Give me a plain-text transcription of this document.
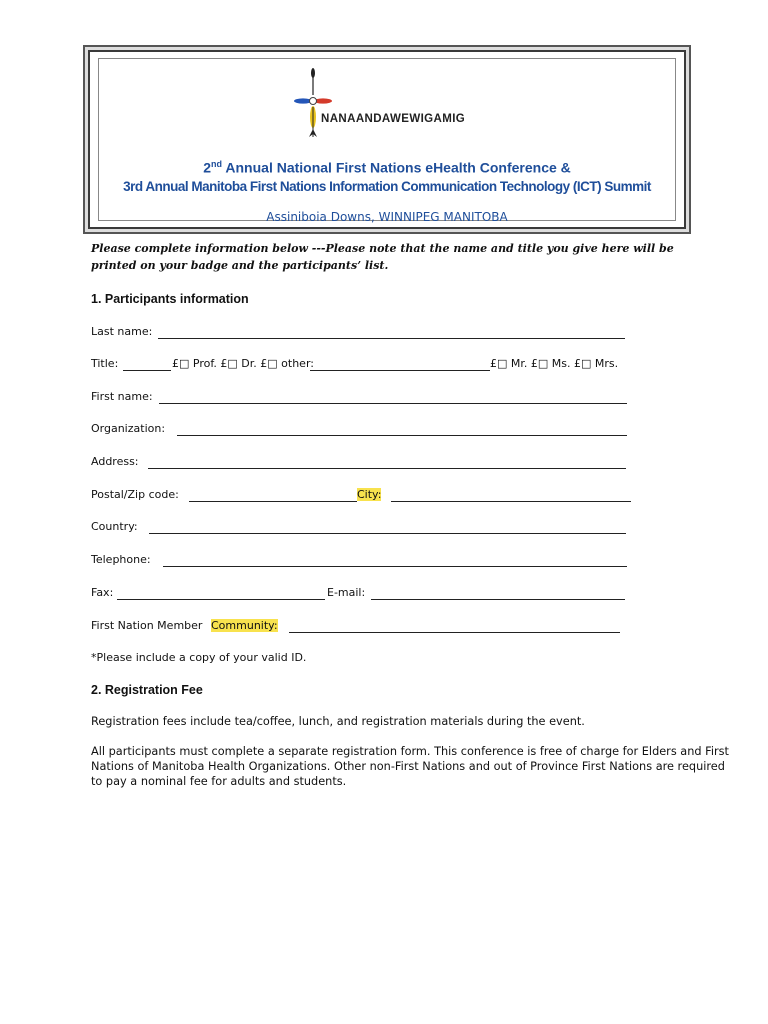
NANAANDAWEWIGAMIG
2nd Annual National First Nations eHealth Conference &
3rd Annual Manitoba First Nations Information Communication Technology (ICT) Summit
Assiniboia Downs, WINNIPEG MANITOBA
Please complete information below ---Please note that the name and title you give here will be printed on your badge and the participants’ list.
1. Participants information
Last name:
Title:	£□ Prof. £□ Dr. £□ other:	£□ Mr. £□ Ms. £□ Mrs.
First name:
Organization:
Address:
Postal/Zip code:	City:
Country:
Telephone:
Fax:	E-mail:
First Nation Member Community:
*Please include a copy of your valid ID.
2. Registration Fee
Registration fees include tea/coffee, lunch, and registration materials during the event.
All participants must complete a separate registration form. This conference is free of charge for Elders and First Nations of Manitoba Health Organizations. Other non-First Nations and out of Province First Nations are required to pay a nominal fee for adults and students.
